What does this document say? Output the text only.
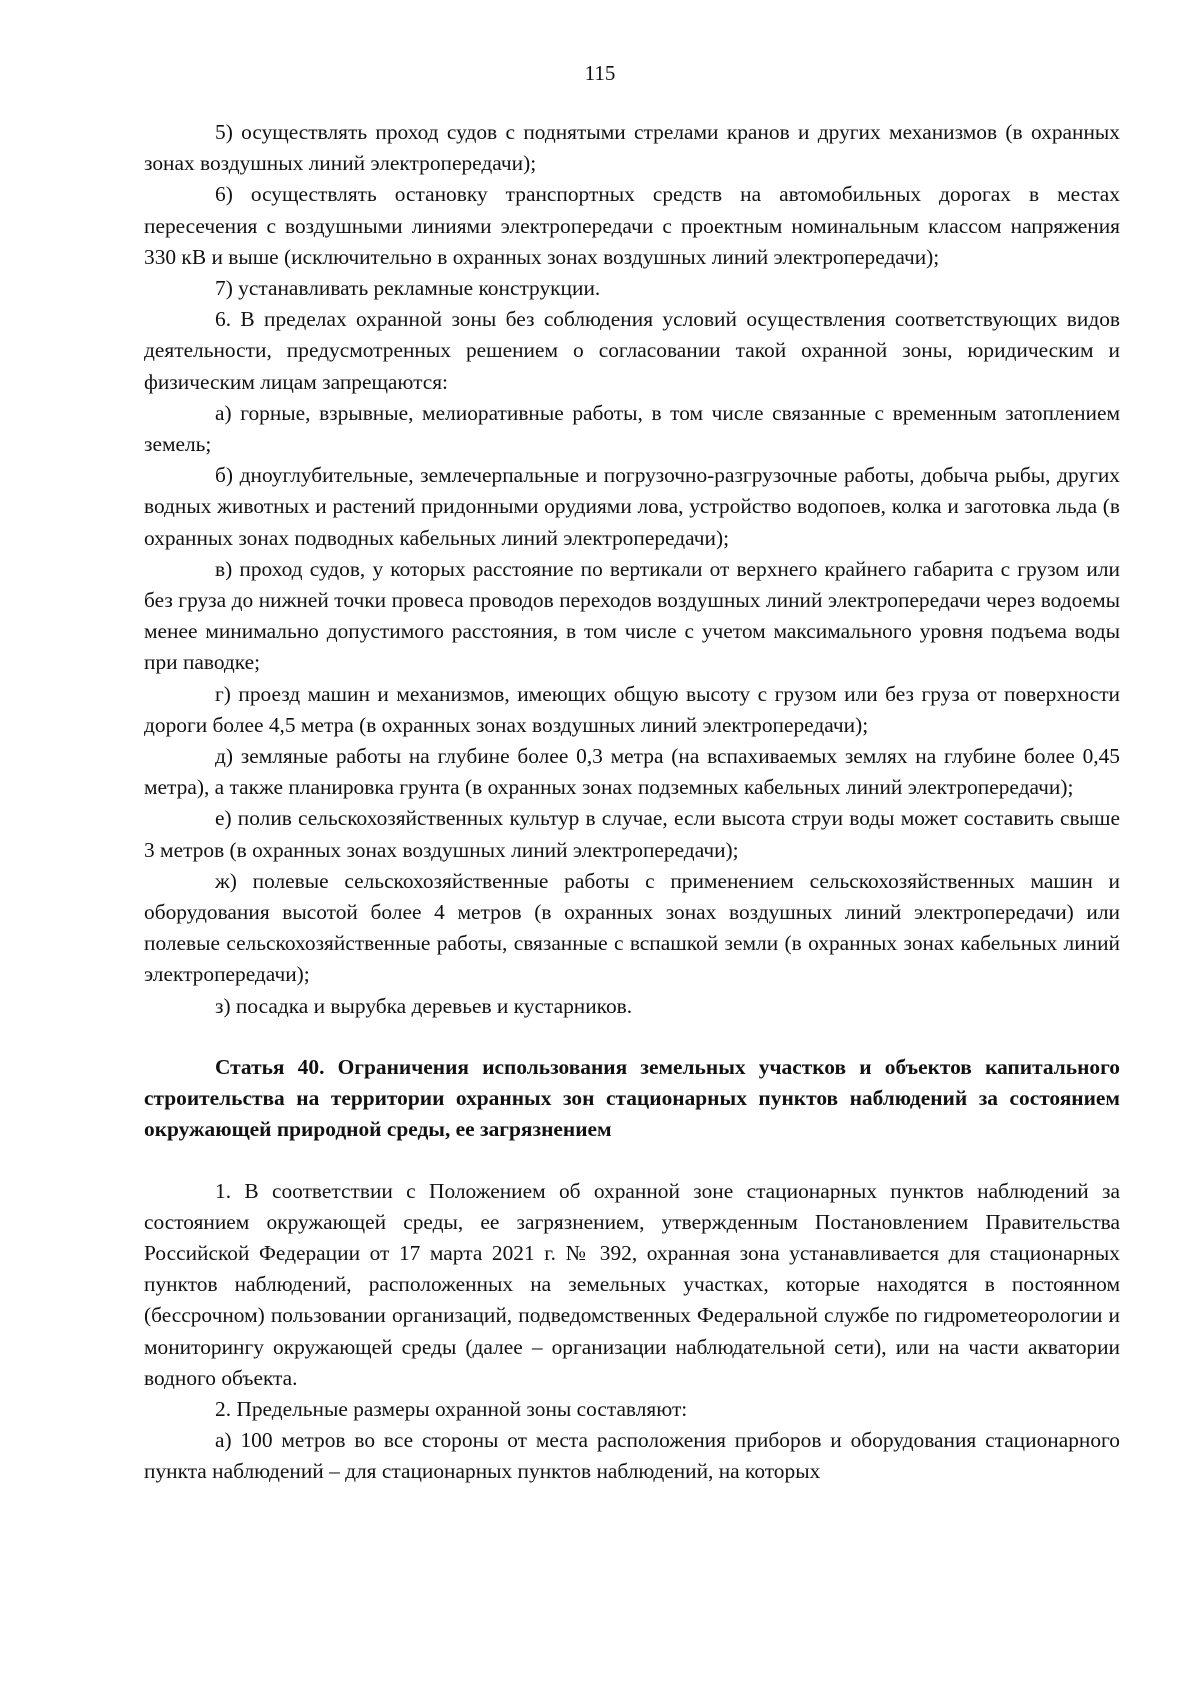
115

5) осуществлять проход судов с поднятыми стрелами кранов и других механизмов (в охранных зонах воздушных линий электропередачи);

6) осуществлять остановку транспортных средств на автомобильных дорогах в местах пересечения с воздушными линиями электропередачи с проектным номинальным классом напряжения 330 кВ и выше (исключительно в охранных зонах воздушных линий электропередачи);

7) устанавливать рекламные конструкции.

6. В пределах охранной зоны без соблюдения условий осуществления соответствующих видов деятельности, предусмотренных решением о согласовании такой охранной зоны, юридическим и физическим лицам запрещаются:

а) горные, взрывные, мелиоративные работы, в том числе связанные с временным затоплением земель;

б) дноуглубительные, землечерпальные и погрузочно-разгрузочные работы, добыча рыбы, других водных животных и растений придонными орудиями лова, устройство водопоев, колка и заготовка льда (в охранных зонах подводных кабельных линий электропередачи);

в) проход судов, у которых расстояние по вертикали от верхнего крайнего габарита с грузом или без груза до нижней точки провеса проводов переходов воздушных линий электропередачи через водоемы менее минимально допустимого расстояния, в том числе с учетом максимального уровня подъема воды при паводке;

г) проезд машин и механизмов, имеющих общую высоту с грузом или без груза от поверхности дороги более 4,5 метра (в охранных зонах воздушных линий электропередачи);

д) земляные работы на глубине более 0,3 метра (на вспахиваемых землях на глубине более 0,45 метра), а также планировка грунта (в охранных зонах подземных кабельных линий электропередачи);

е) полив сельскохозяйственных культур в случае, если высота струи воды может составить свыше 3 метров (в охранных зонах воздушных линий электропередачи);

ж) полевые сельскохозяйственные работы с применением сельскохозяйственных машин и оборудования высотой более 4 метров (в охранных зонах воздушных линий электропередачи) или полевые сельскохозяйственные работы, связанные с вспашкой земли (в охранных зонах кабельных линий электропередачи);

з) посадка и вырубка деревьев и кустарников.

Статья 40. Ограничения использования земельных участков и объектов капитального строительства на территории охранных зон стационарных пунктов наблюдений за состоянием окружающей природной среды, ее загрязнением

1. В соответствии с Положением об охранной зоне стационарных пунктов наблюдений за состоянием окружающей среды, ее загрязнением, утвержденным Постановлением Правительства Российской Федерации от 17 марта 2021 г. № 392, охранная зона устанавливается для стационарных пунктов наблюдений, расположенных на земельных участках, которые находятся в постоянном (бессрочном) пользовании организаций, подведомственных Федеральной службе по гидрометеорологии и мониторингу окружающей среды (далее – организации наблюдательной сети), или на части акватории водного объекта.

2. Предельные размеры охранной зоны составляют:

а) 100 метров во все стороны от места расположения приборов и оборудования стационарного пункта наблюдений – для стационарных пунктов наблюдений, на которых
